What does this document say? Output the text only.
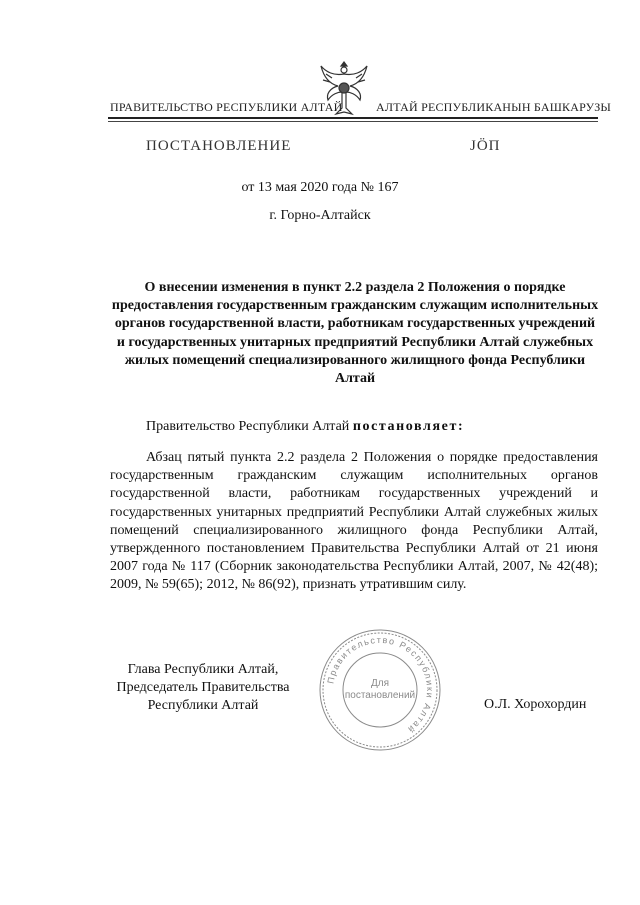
ПРАВИТЕЛЬСТВО РЕСПУБЛИКИ АЛТАЙ	АЛТАЙ РЕСПУБЛИКАНЫН БАШКАРУЗЫ
ПОСТАНОВЛЕНИЕ	ЈӦП
от 13 мая 2020 года № 167
г. Горно-Алтайск
О внесении изменения в пункт 2.2 раздела 2 Положения о порядке предоставления государственным гражданским служащим исполнительных органов государственной власти, работникам государственных учреждений и государственных унитарных предприятий Республики Алтай служебных жилых помещений специализированного жилищного фонда Республики Алтай
Правительство Республики Алтай постановляет:
Абзац пятый пункта 2.2 раздела 2 Положения о порядке предоставления государственным гражданским служащим исполнительных органов государственной власти, работникам государственных учреждений и государственных унитарных предприятий Республики Алтай служебных жилых помещений специализированного жилищного фонда Республики Алтай, утвержденного постановлением Правительства Республики Алтай от 21 июня 2007 года № 117 (Сборник законодательства Республики Алтай, 2007, № 42(48); 2009, № 59(65); 2012, № 86(92), признать утратившим силу.
Глава Республики Алтай,
Председатель Правительства
Республики Алтай
Правительство Республики Алтай
Для
постановлений
О.Л. Хорохордин
